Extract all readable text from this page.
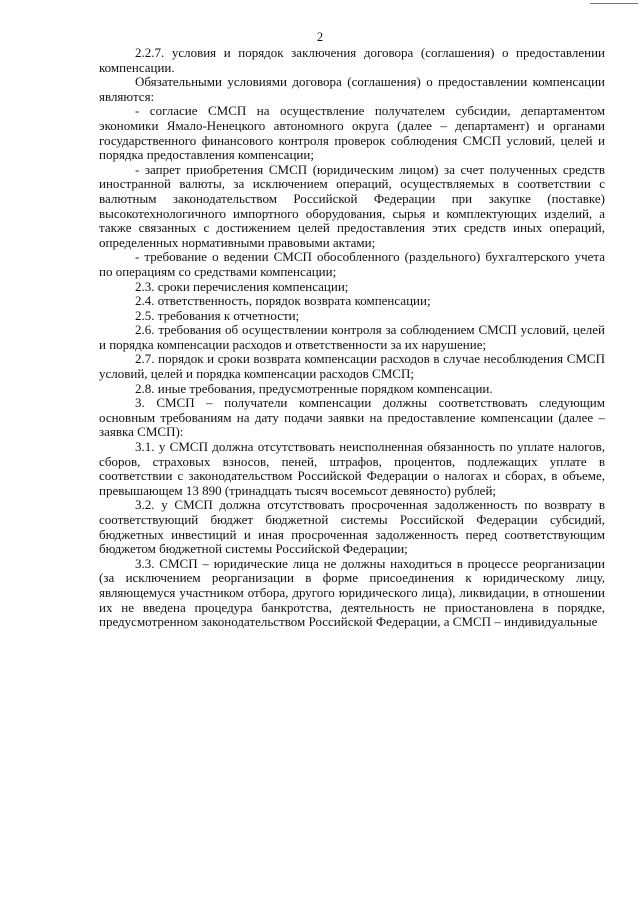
2

2.2.7. условия и порядок заключения договора (соглашения) о предоставлении компенсации.

Обязательными условиями договора (соглашения) о предоставлении компенсации являются:

- согласие СМСП на осуществление получателем субсидии, департаментом экономики Ямало-Ненецкого автономного округа (далее – департамент) и органами государственного финансового контроля проверок соблюдения СМСП условий, целей и порядка предоставления компенсации;

- запрет приобретения СМСП (юридическим лицом) за счет полученных средств иностранной валюты, за исключением операций, осуществляемых в соответствии с валютным законодательством Российской Федерации при закупке (поставке) высокотехнологичного импортного оборудования, сырья и комплектующих изделий, а также связанных с достижением целей предоставления этих средств иных операций, определенных нормативными правовыми актами;

- требование о ведении СМСП обособленного (раздельного) бухгалтерского учета по операциям со средствами компенсации;

2.3. сроки перечисления компенсации;

2.4. ответственность, порядок возврата компенсации;

2.5. требования к отчетности;

2.6. требования об осуществлении контроля за соблюдением СМСП условий, целей и порядка компенсации расходов и ответственности за их нарушение;

2.7. порядок и сроки возврата компенсации расходов в случае несоблюдения СМСП условий, целей и порядка компенсации расходов СМСП;

2.8. иные требования, предусмотренные порядком компенсации.

3. СМСП – получатели компенсации должны соответствовать следующим основным требованиям на дату подачи заявки на предоставление компенсации (далее – заявка СМСП):

3.1. у СМСП должна отсутствовать неисполненная обязанность по уплате налогов, сборов, страховых взносов, пеней, штрафов, процентов, подлежащих уплате в соответствии с законодательством Российской Федерации о налогах и сборах, в объеме, превышающем 13 890 (тринадцать тысяч восемьсот девяносто) рублей;

3.2. у СМСП должна отсутствовать просроченная задолженность по возврату в соответствующий бюджет бюджетной системы Российской Федерации субсидий, бюджетных инвестиций и иная просроченная задолженность перед соответствующим бюджетом бюджетной системы Российской Федерации;

3.3. СМСП – юридические лица не должны находиться в процессе реорганизации (за исключением реорганизации в форме присоединения к юридическому лицу, являющемуся участником отбора, другого юридического лица), ликвидации, в отношении их не введена процедура банкротства, деятельность не приостановлена в порядке, предусмотренном законодательством Российской Федерации, а СМСП – индивидуальные
